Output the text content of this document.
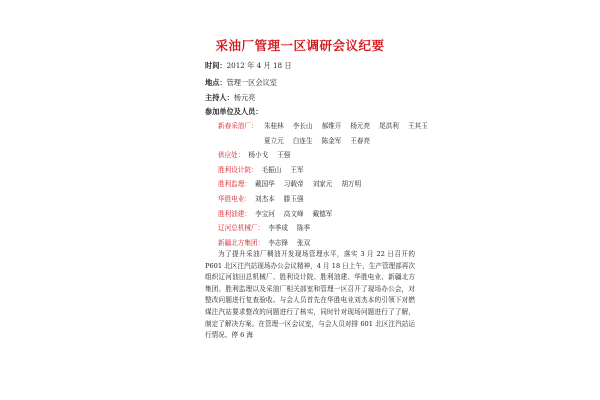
采油厂管理一区调研会议纪要
时间：2012 年 4 月 18 日
地点：管理一区会议室
主持人：杨元亮
参加单位及人员：
新春采油厂： 朱桂林 李长山 郝维开 杨元亮 尾洪利 王其玉
夏立元 白连生 陈金军 王春亮
供应处： 杨小戈 王强
胜利设计院： 毛振山 王军
胜利监理： 戴国华 习载帝 刘家元 胡万明
华胜电业： 刘杰本 滕玉强
胜利油建： 李宝河 高文峰 戴德军
辽河总机械厂： 李季成 陈季
新疆北方集团： 李志锋 张双

为了提升采油厂稠油开发现场管理水平，落实 3 月 22 日召开的 P601 北区注汽站现场办公会议精神，4 月 18 日上午，生产管理部再次组织辽河油田总机械厂、胜利设计院、胜利油建、华胜电业、新疆北方集团、胜利监理以及采油厂相关部室和管理一区召开了现场办公会，对整改问题进行复查验收。与会人员首先在华胜电业刘杰本的引领下对燃煤注汽站要求整改的问题进行了核实，同时针对现场问题进行了了解，制定了解决方案。在管理一区会议室，与会人员对排 601 北区注汽站运行情况、停 6 海
